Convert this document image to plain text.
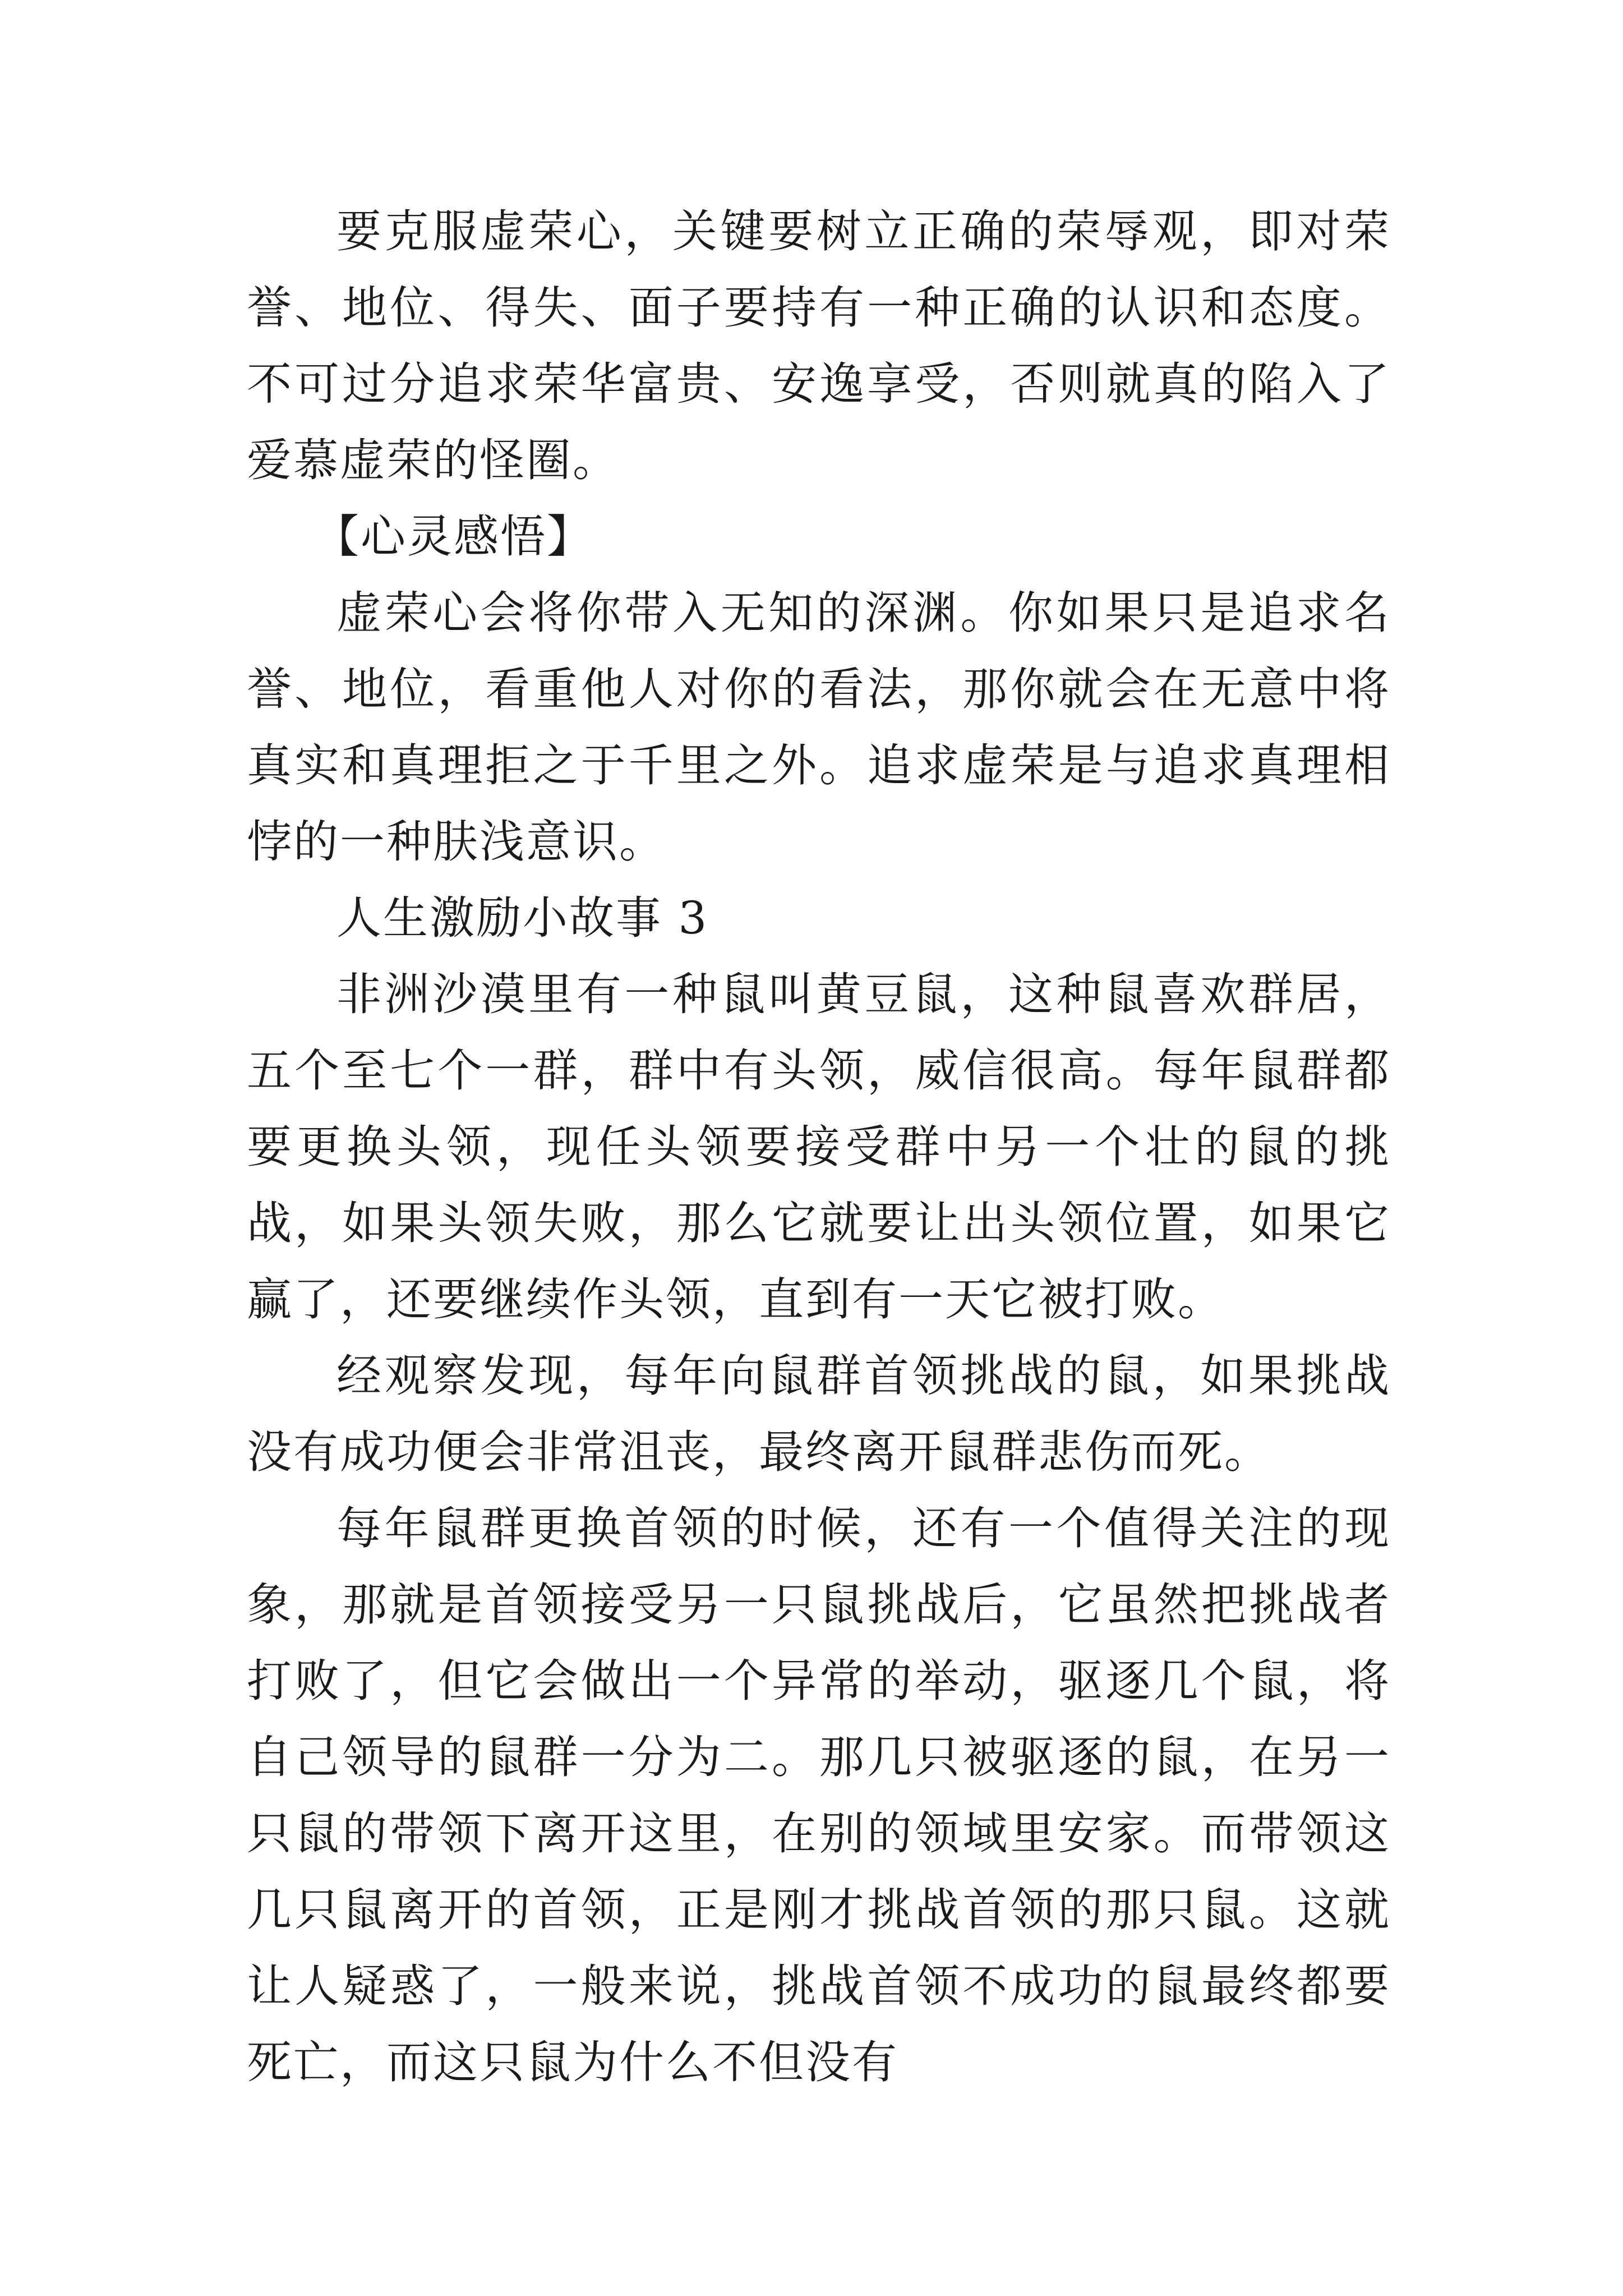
要克服虚荣心，关键要树立正确的荣辱观，即对荣誉、地位、得失、面子要持有一种正确的认识和态度。不可过分追求荣华富贵、安逸享受，否则就真的陷入了爱慕虚荣的怪圈。

【心灵感悟】

虚荣心会将你带入无知的深渊。你如果只是追求名誉、地位，看重他人对你的看法，那你就会在无意中将真实和真理拒之于千里之外。追求虚荣是与追求真理相悖的一种肤浅意识。

人生激励小故事 3

非洲沙漠里有一种鼠叫黄豆鼠，这种鼠喜欢群居，五个至七个一群，群中有头领，威信很高。每年鼠群都要更换头领，现任头领要接受群中另一个壮的鼠的挑战，如果头领失败，那么它就要让出头领位置，如果它赢了，还要继续作头领，直到有一天它被打败。

经观察发现，每年向鼠群首领挑战的鼠，如果挑战没有成功便会非常沮丧，最终离开鼠群悲伤而死。

每年鼠群更换首领的时候，还有一个值得关注的现象，那就是首领接受另一只鼠挑战后，它虽然把挑战者打败了，但它会做出一个异常的举动，驱逐几个鼠，将自己领导的鼠群一分为二。那几只被驱逐的鼠，在另一只鼠的带领下离开这里，在别的领域里安家。而带领这几只鼠离开的首领，正是刚才挑战首领的那只鼠。这就让人疑惑了，一般来说，挑战首领不成功的鼠最终都要死亡，而这只鼠为什么不但没有
